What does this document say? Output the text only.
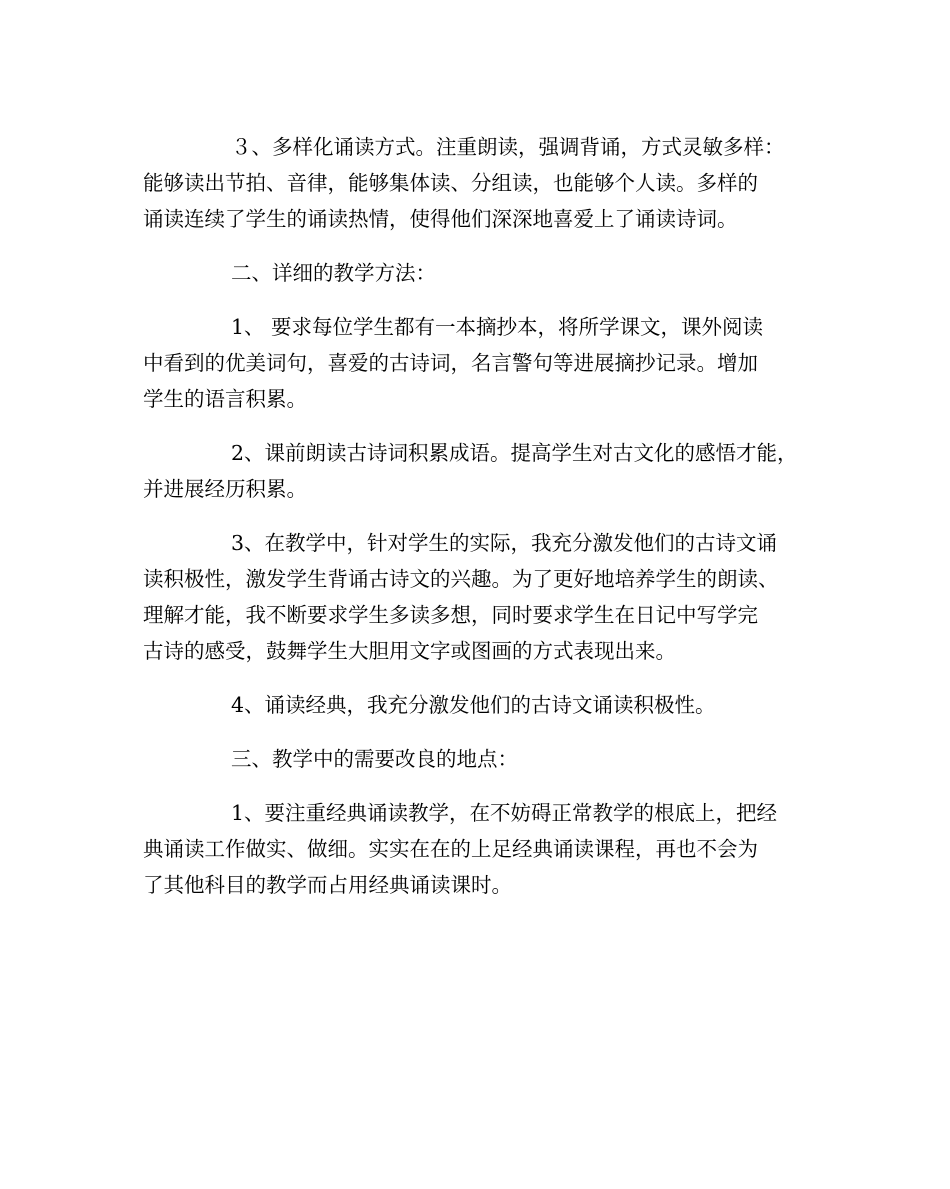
３、多样化诵读方式。注重朗读，强调背诵，方式灵敏多样：
能够读出节拍、音律，能够集体读、分组读，也能够个人读。多样的
诵读连续了学生的诵读热情，使得他们深深地喜爱上了诵读诗词。
二、详细的教学方法：
1、 要求每位学生都有一本摘抄本，将所学课文，课外阅读
中看到的优美词句，喜爱的古诗词，名言警句等进展摘抄记录。增加
学生的语言积累。
2、课前朗读古诗词积累成语。提高学生对古文化的感悟才能，
并进展经历积累。
3、在教学中，针对学生的实际，我充分激发他们的古诗文诵
读积极性，激发学生背诵古诗文的兴趣。为了更好地培养学生的朗读、
理解才能，我不断要求学生多读多想，同时要求学生在日记中写学完
古诗的感受，鼓舞学生大胆用文字或图画的方式表现出来。
4、诵读经典，我充分激发他们的古诗文诵读积极性。
三、教学中的需要改良的地点：
1、要注重经典诵读教学，在不妨碍正常教学的根底上，把经
典诵读工作做实、做细。实实在在的上足经典诵读课程，再也不会为
了其他科目的教学而占用经典诵读课时。
